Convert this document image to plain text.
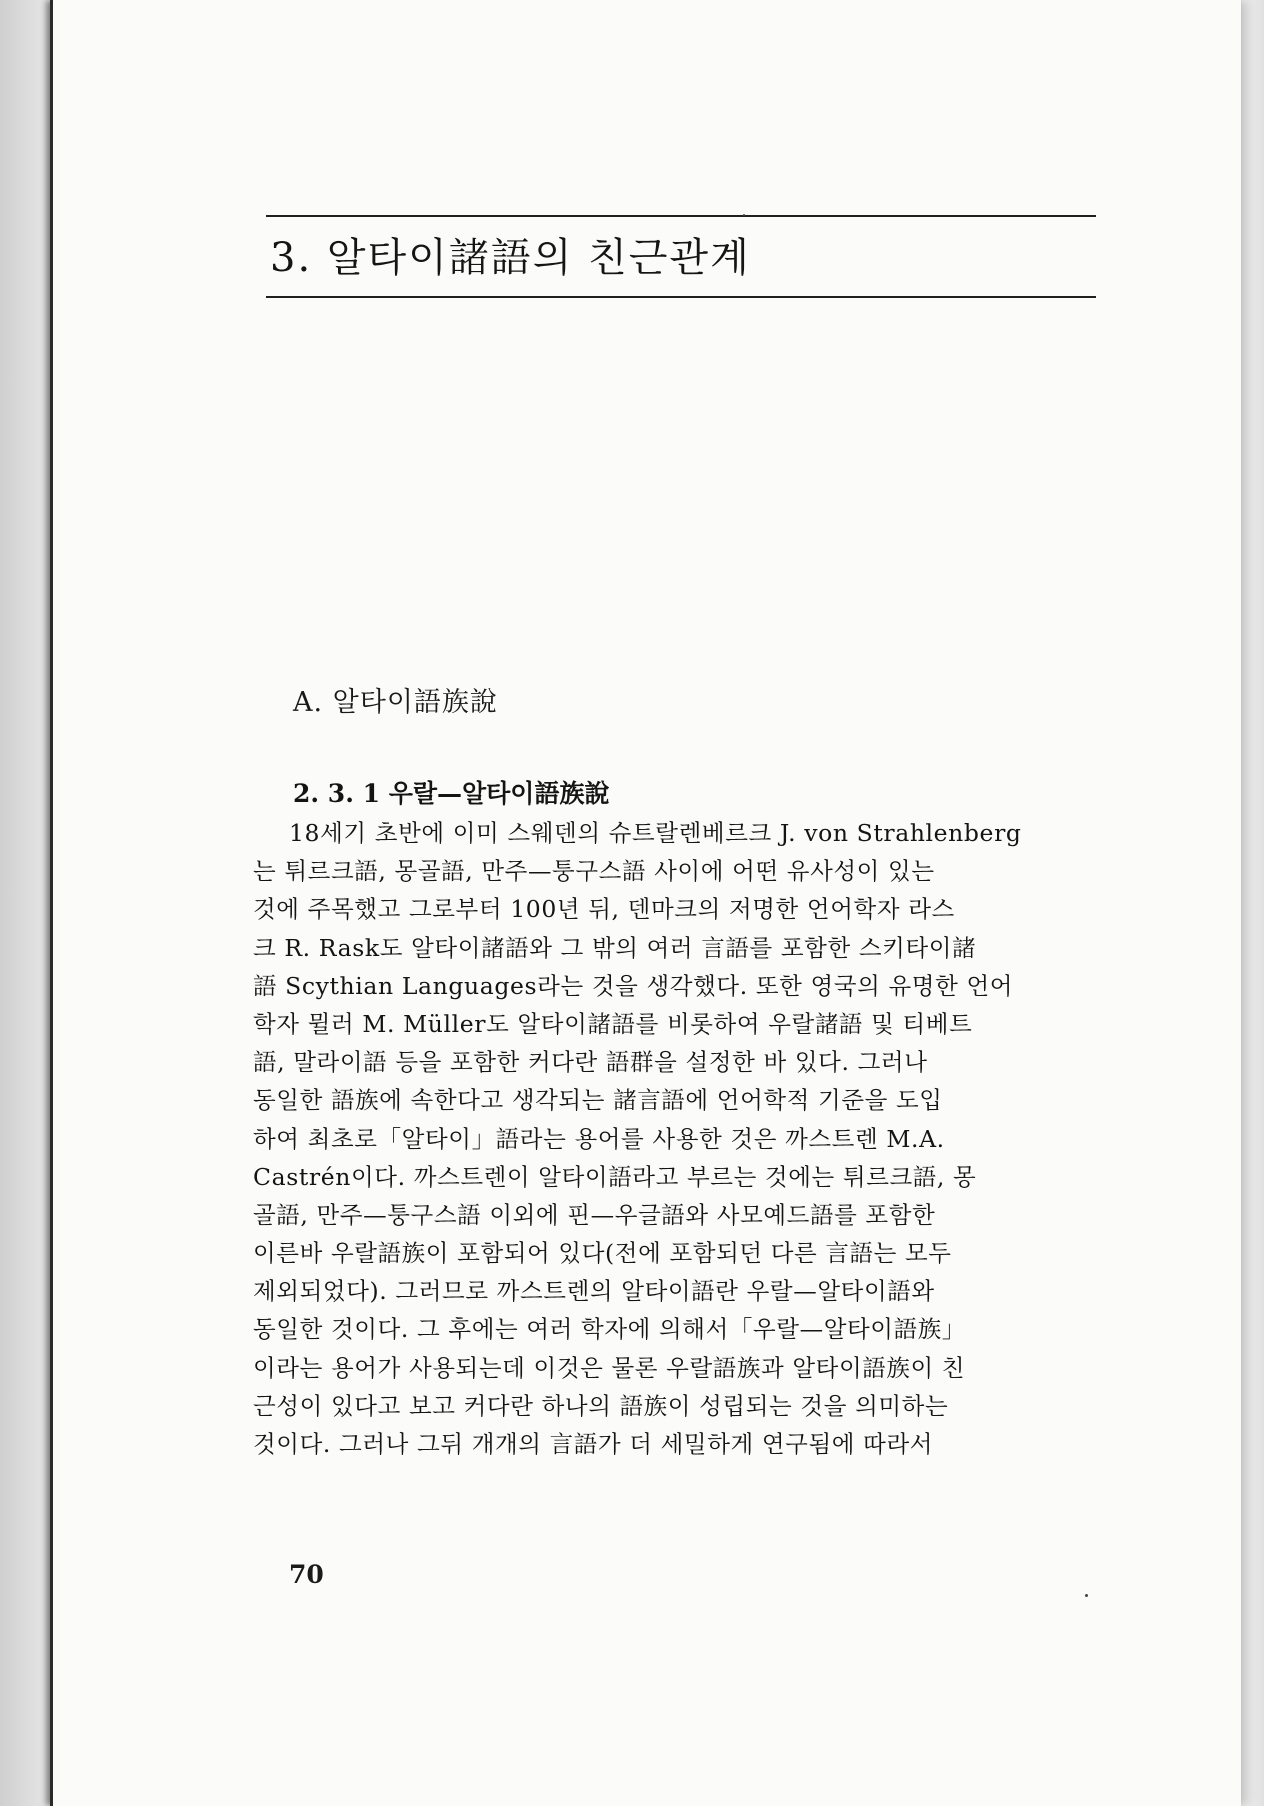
3. 알타이諸語의 친근관계
A. 알타이語族說
2. 3. 1 우랄—알타이語族說
18세기 초반에 이미 스웨덴의 슈트랄렌베르크 J. von Strahlenberg
는 튀르크語, 몽골語, 만주—퉁구스語 사이에 어떤 유사성이 있는
것에 주목했고 그로부터 100년 뒤, 덴마크의 저명한 언어학자 라스
크 R. Rask도 알타이諸語와 그 밖의 여러 言語를 포함한 스키타이諸
語 Scythian Languages라는 것을 생각했다. 또한 영국의 유명한 언어
학자 뮐러 M. Müller도 알타이諸語를 비롯하여 우랄諸語 및 티베트
語, 말라이語 등을 포함한 커다란 語群을 설정한 바 있다. 그러나
동일한 語族에 속한다고 생각되는 諸言語에 언어학적 기준을 도입
하여 최초로「알타이」語라는 용어를 사용한 것은 까스트렌 M.A.
Castrén이다. 까스트렌이 알타이語라고 부르는 것에는 튀르크語, 몽
골語, 만주—퉁구스語 이외에 핀—우글語와 사모예드語를 포함한
이른바 우랄語族이 포함되어 있다(전에 포함되던 다른 言語는 모두
제외되었다). 그러므로 까스트렌의 알타이語란 우랄—알타이語와
동일한 것이다. 그 후에는 여러 학자에 의해서「우랄—알타이語族」
이라는 용어가 사용되는데 이것은 물론 우랄語族과 알타이語族이 친
근성이 있다고 보고 커다란 하나의 語族이 성립되는 것을 의미하는
것이다. 그러나 그뒤 개개의 言語가 더 세밀하게 연구됨에 따라서
70
